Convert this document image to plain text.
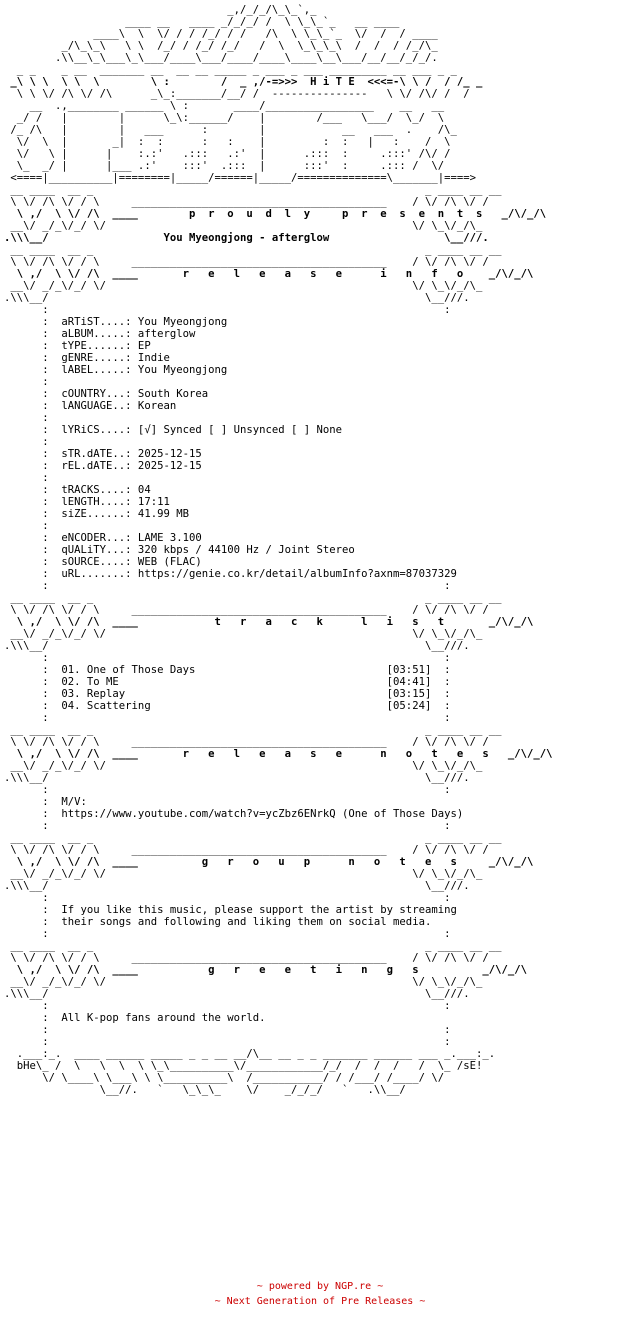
_,/_/_/\_\_`,_
____ __   ____ _/_/_/ /  \ \_\_`_   __ ____
____\  \  \/ / / /_/ / /   /\  \ \_\_`_  \/  /  / ____
_/\_\_\   \ \  /_/ / /_/ /_/   /  \  \_\_\_\  /  /  / /_/\_
.\\__\_\___\_\___/____\___/____/____\____\__\___/__/__/_/_/.
_ _    _ __  _______ __  __ __ _____ _ ___ _ ___ _________ __ ___ _ _
_\ \ \  \ \  \        \ :        /  _ ,/-=>>>  H i T E  <<<=-\ \ /  / /_ _
\ \ \/ /\ \/ /\      _\_:_______/__/ /  ---------------   \ \/ /\/ /  /
__  .,________ ______ \ :       ____/_________________    __   __
_/ /   |        |      \_\:______/    |        /___   \___/  \_/  \
/_ /\   |        |   ___      :        |            __   ___  .    /\_
\/  \  |       _|  :  :      :   :    |         :  :   |   :    /  \
\/   \ |      |    :.:'   .:::   .:'  |      .:::  :     .:::' /\/ /
\_  _/ |      |___ .:'    :::'  .:::  |      :::'  :     .::: /  \/
<====|__________|========|_____/======|_____/==============\_______|====>
__ ____  __ _                                                    _ ____ __ __
\ \/ /\ \/ / \     ________________________________________    / \/ /\ \/ /
\ ,/  \ \/ /\  ____        p  r  o  u  d  l  y     p  r  e  s  e  n  t  s   _/\/_/\
__\/ _/_\/_/ \/                                                \/ \_\/_/\_
.\\\__/                  You Myeongjong - afterglow                  \__///.
__ ____  __ _                                                    _ ____ __ __
\ \/ /\ \/ / \     ________________________________________    / \/ /\ \/ /
\ ,/  \ \/ /\  ____       r   e   l   e   a   s   e      i   n   f   o    _/\/_/\
__\/ _/_\/_/ \/                                                \/ \_\/_/\_
.\\\__/                                                           \__///.
:                                                              :
:  aRTiST....: You Myeongjong
:  aLBUM.....: afterglow
:  tYPE......: EP
:  gENRE.....: Indie
:  lABEL.....: You Myeongjong
:
:  cOUNTRY...: South Korea
:  lANGUAGE..: Korean
:
:  lYRiCS....: [√] Synced [ ] Unsynced [ ] None
:
:  sTR.dATE..: 2025-12-15
:  rEL.dATE..: 2025-12-15
:
:  tRACKS....: 04
:  lENGTH....: 17:11
:  siZE......: 41.99 MB
:
:  eNCODER...: LAME 3.100
:  qUALiTY...: 320 kbps / 44100 Hz / Joint Stereo
:  sOURCE....: WEB (FLAC)
:  uRL.......: https://genie.co.kr/detail/albumInfo?axnm=87037329
:                                                              :
__ ____  __ _                                                    _ ____ __ __
\ \/ /\ \/ / \     ________________________________________    / \/ /\ \/ /
\ ,/  \ \/ /\  ____            t   r   a   c   k      l   i   s   t       _/\/_/\
__\/ _/_\/_/ \/                                                \/ \_\/_/\_
.\\\__/                                                           \__///.
:                                                              :
:  01. One of Those Days                              [03:51]  :
:  02. To ME                                          [04:41]  :
:  03. Replay                                         [03:15]  :
:  04. Scattering                                     [05:24]  :
:                                                              :
__ ____  __ _                                                    _ ____ __ __
\ \/ /\ \/ / \     ________________________________________    / \/ /\ \/ /
\ ,/  \ \/ /\  ____       r   e   l   e   a   s   e      n   o   t   e   s   _/\/_/\
__\/ _/_\/_/ \/                                                \/ \_\/_/\_
.\\\__/                                                           \__///.
:                                                              :
:  M/V:
:  https://www.youtube.com/watch?v=ycZbz6ENrkQ (One of Those Days)
:                                                              :
__ ____  __ _                                                    _ ____ __ __
\ \/ /\ \/ / \     ________________________________________    / \/ /\ \/ /
\ ,/  \ \/ /\  ____          g   r   o   u   p      n   o   t   e   s     _/\/_/\
__\/ _/_\/_/ \/                                                \/ \_\/_/\_
.\\\__/                                                           \__///.
:                                                              :
:  If you like this music, please support the artist by streaming
:  their songs and following and liking them on social media.
:                                                              :
__ ____  __ _                                                    _ ____ __ __
\ \/ /\ \/ / \     ________________________________________    / \/ /\ \/ /
\ ,/  \ \/ /\  ____           g   r   e   e   t   i   n   g   s          _/\/_/\
__\/ _/_\/_/ \/                                                \/ \_\/_/\_
.\\\__/                                                           \__///.
:                                                              :
:  All K-pop fans around the world.
:                                                              :
:                                                              :
.___:_.  ____ ______ _____ _ _ __ __/\__ __ _ _ _______ ______ ___ _.___:_.
bHe\_ /  \   \  \  \ \_\__________\/____________/_/  /  /  /   /  \_ /sE!
\/ \____\ \___\ \ \__________\  /___________/ / /___/ /____/ \/
\__//.   `   \_\_\_    \/    _/_/_/   `   .\\__/
~ powered by NGP.re ~
~ Next Generation of Pre Releases ~
